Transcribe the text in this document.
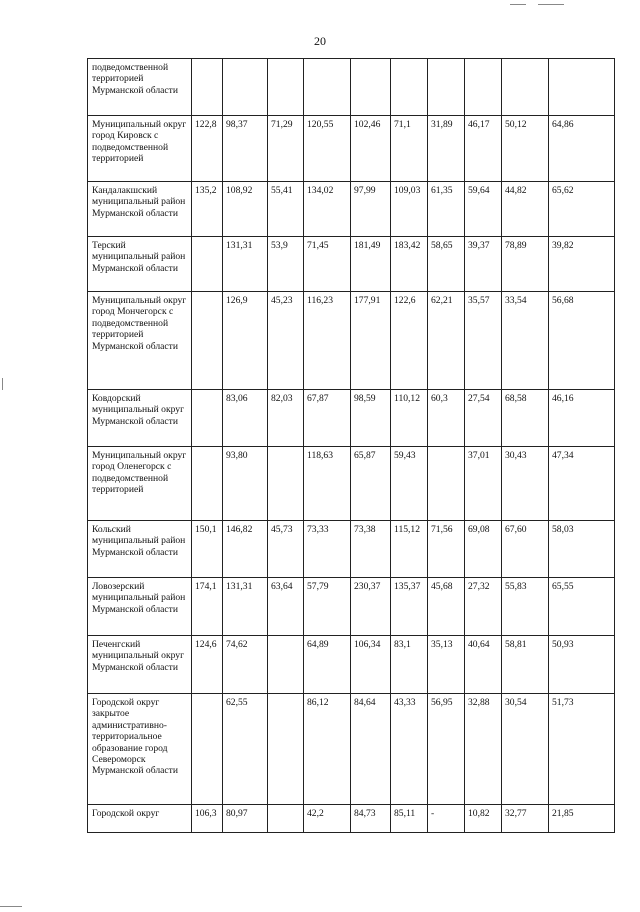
20
подведомственной территорией Мурманской области										
Муниципальный округ город Кировск с подведомственной территорией	122,8	98,37	71,29	120,55	102,46	71,1	31,89	46,17	50,12	64,86
Кандалакшский муниципальный район Мурманской области	135,2	108,92	55,41	134,02	97,99	109,03	61,35	59,64	44,82	65,62
Терский муниципальный район Мурманской области		131,31	53,9	71,45	181,49	183,42	58,65	39,37	78,89	39,82
Муниципальный округ город Мончегорск с подведомственной территорией Мурманской области		126,9	45,23	116,23	177,91	122,6	62,21	35,57	33,54	56,68
Ковдорский муниципальный округ Мурманской области		83,06	82,03	67,87	98,59	110,12	60,3	27,54	68,58	46,16
Муниципальный округ город Оленегорск с подведомственной территорией		93,80		118,63	65,87	59,43		37,01	30,43	47,34
Кольский муниципальный район Мурманской области	150,1	146,82	45,73	73,33	73,38	115,12	71,56	69,08	67,60	58,03
Ловозерский муниципальный район Мурманской области	174,1	131,31	63,64	57,79	230,37	135,37	45,68	27,32	55,83	65,55
Печенгский муниципальный округ Мурманской области	124,6	74,62		64,89	106,34	83,1	35,13	40,64	58,81	50,93
Городской округ закрытое административно-территориальное образование город Североморск Мурманской области		62,55		86,12	84,64	43,33	56,95	32,88	30,54	51,73
Городской округ	106,3	80,97		42,2	84,73	85,11	-	10,82	32,77	21,85
